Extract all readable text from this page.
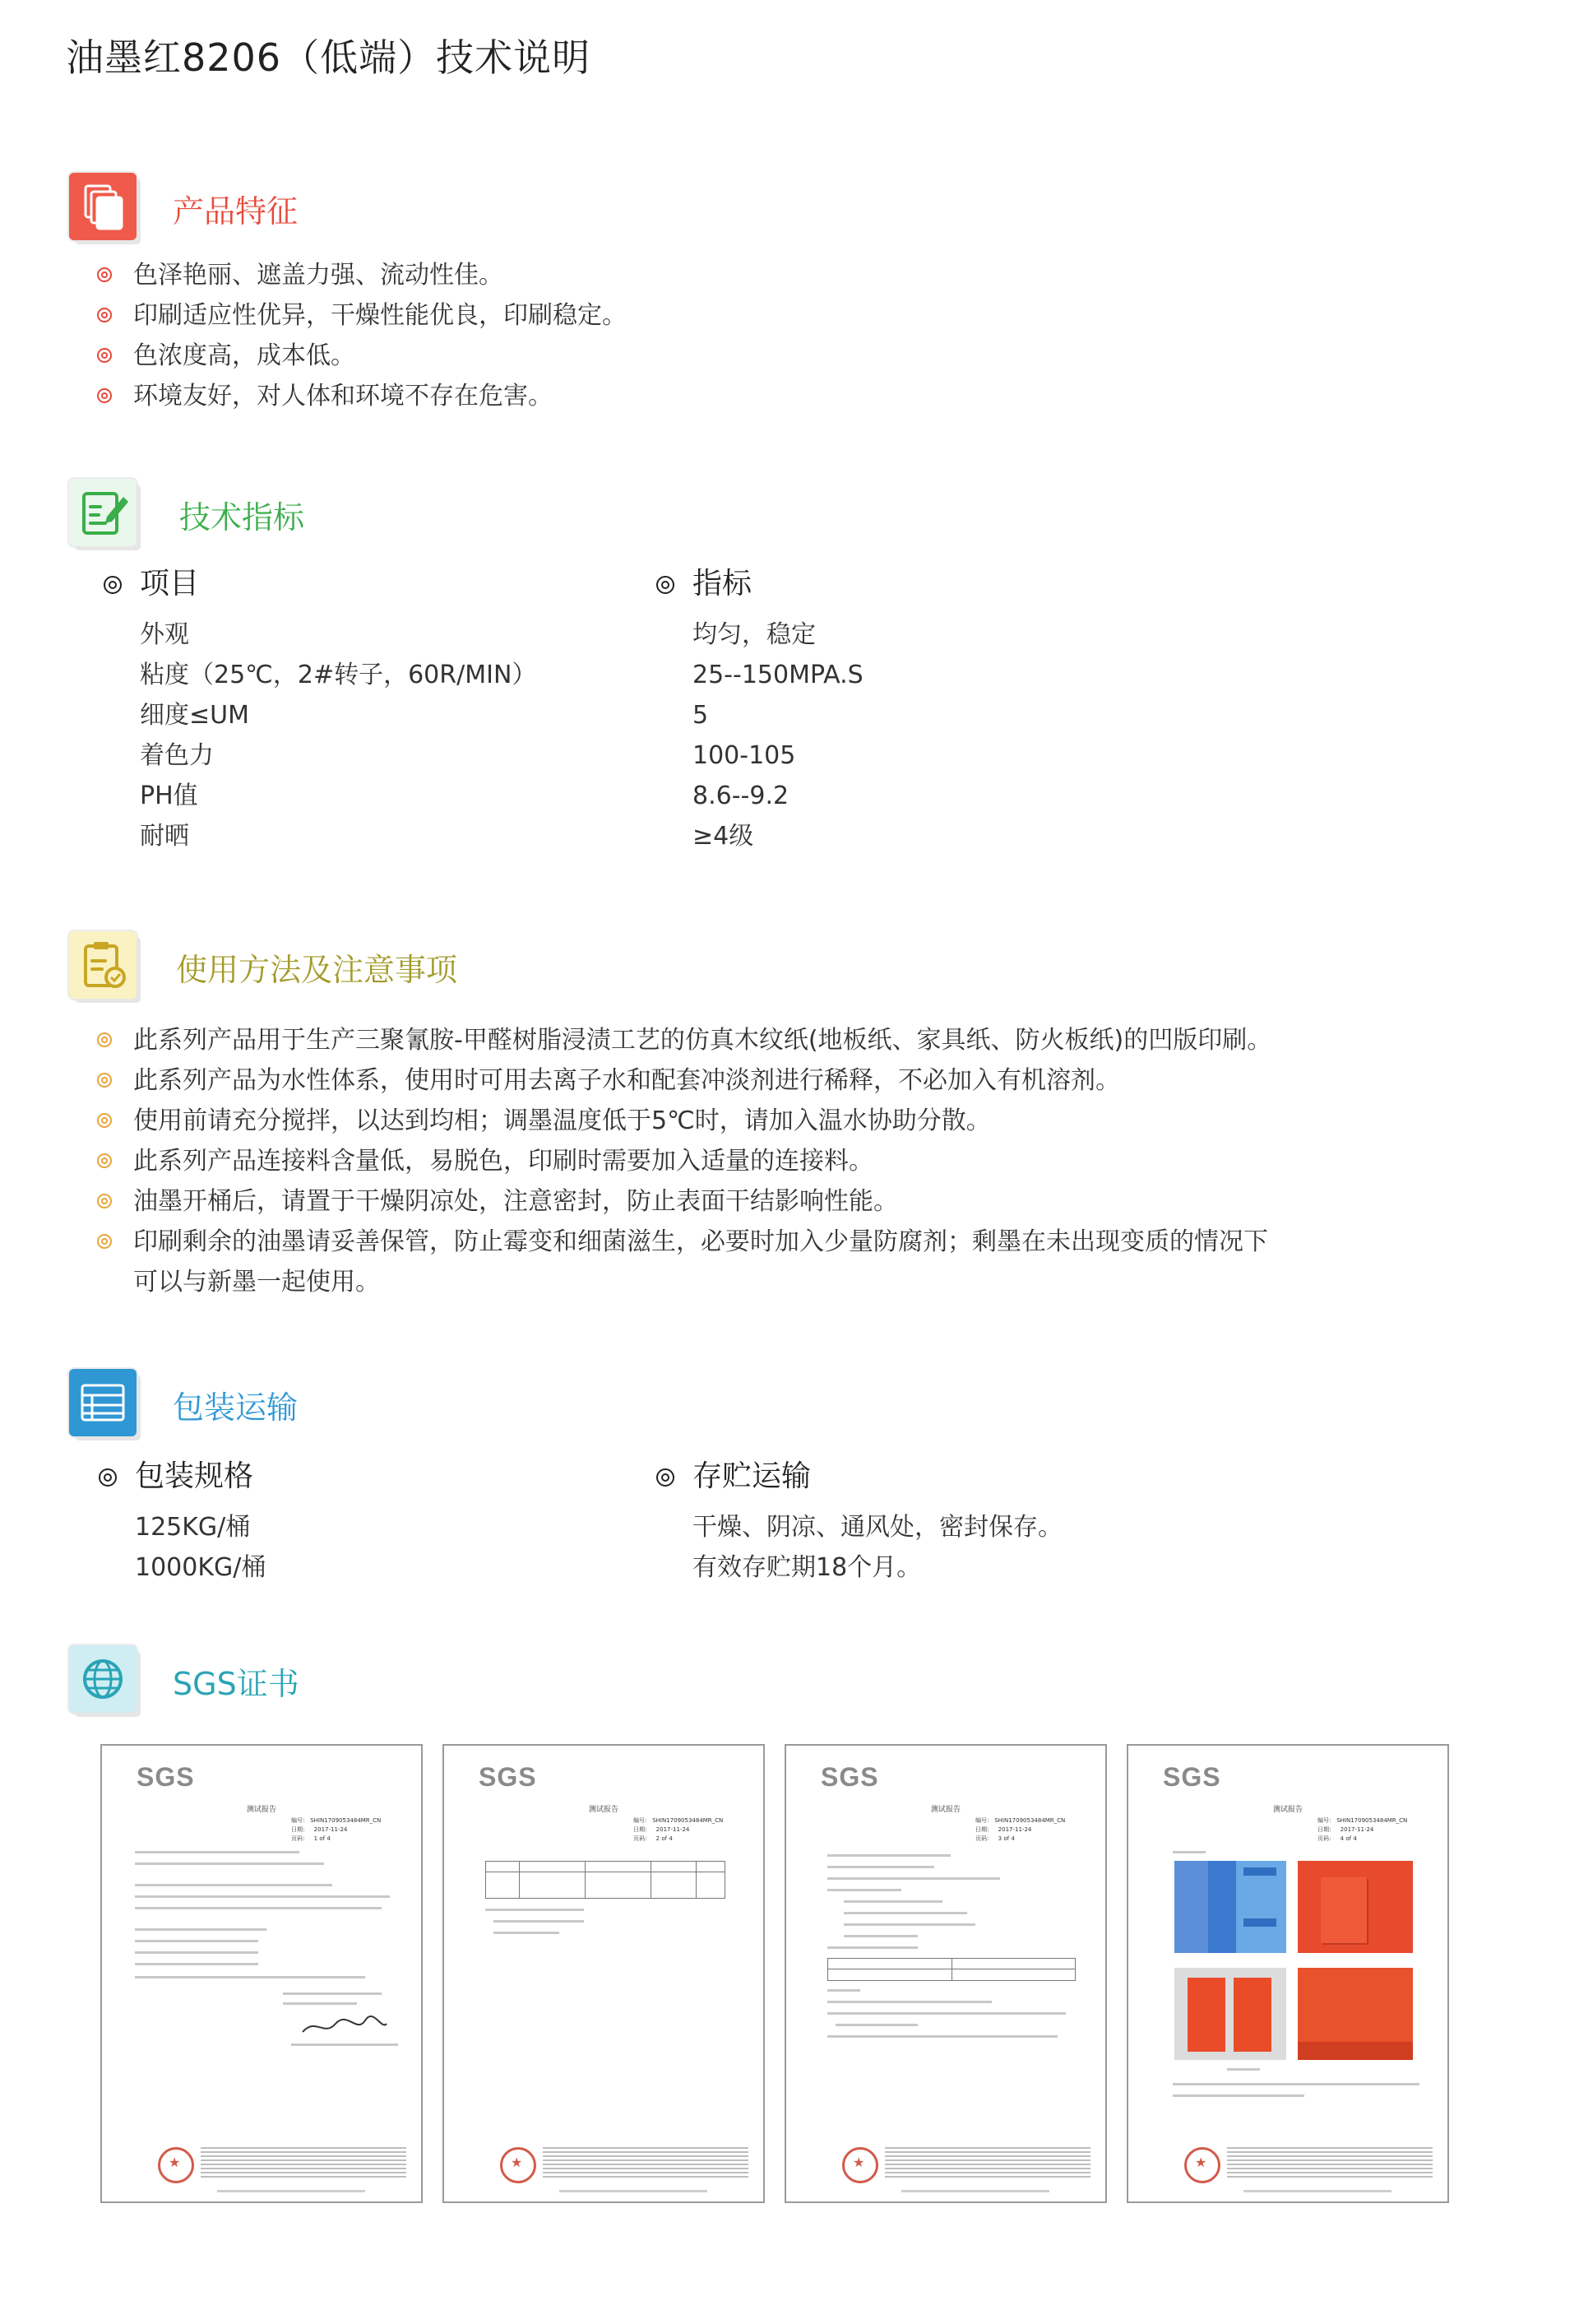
油墨红8206（低端）技术说明
产品特征
色泽艳丽、遮盖力强、流动性佳。
印刷适应性优异，干燥性能优良，印刷稳定。
色浓度高，成本低。
环境友好，对人体和环境不存在危害。
技术指标
项目
外观
粘度（25℃，2#转子，60R/MIN）
细度≤UM
着色力
PH值
耐晒
指标
均匀，稳定
25--150MPA.S
5
100-105
8.6--9.2
≥4级
使用方法及注意事项
此系列产品用于生产三聚氰胺-甲醛树脂浸渍工艺的仿真木纹纸(地板纸、家具纸、防火板纸)的凹版印刷。
此系列产品为水性体系，使用时可用去离子水和配套冲淡剂进行稀释，不必加入有机溶剂。
使用前请充分搅拌，以达到均相；调墨温度低于5℃时，请加入温水协助分散。
此系列产品连接料含量低，易脱色，印刷时需要加入适量的连接料。
油墨开桶后，请置于干燥阴凉处，注意密封，防止表面干结影响性能。
印刷剩余的油墨请妥善保管，防止霉变和细菌滋生，必要时加入少量防腐剂；剩墨在未出现变质的情况下
可以与新墨一起使用。
包装运输
包装规格
125KG/桶
1000KG/桶
存贮运输
干燥、阴凉、通风处，密封保存。
有效存贮期18个月。
SGS证书
SGS
测试报告
编号： SHIN1709053484MR_CN
日期：   2017-11-24
页码：   1 of 4
★
SGS
测试报告
编号： SHIN1709053484MR_CN
日期：   2017-11-24
页码：   2 of 4
★
SGS
测试报告
编号： SHIN1709053484MR_CN
日期：   2017-11-24
页码：   3 of 4
★
SGS
测试报告
编号： SHIN1709053484MR_CN
日期：   2017-11-24
页码：   4 of 4
★
